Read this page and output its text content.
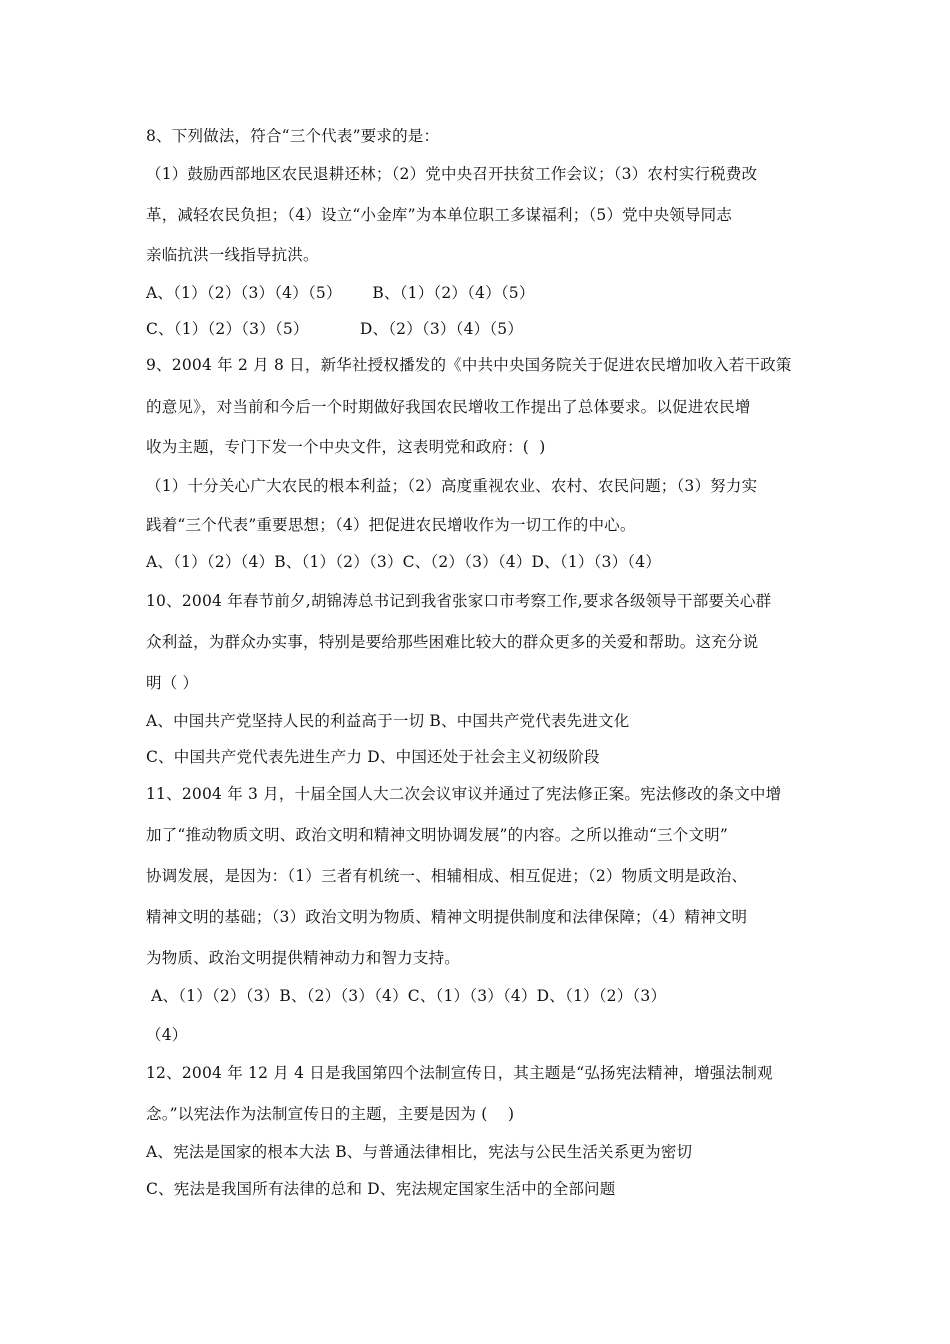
8、下列做法，符合“三个代表”要求的是：
（1）鼓励西部地区农民退耕还林；（2）党中央召开扶贫工作会议；（3）农村实行税费改
革，减轻农民负担；（4）设立“小金库”为本单位职工多谋福利；（5）党中央领导同志
亲临抗洪一线指导抗洪。
A、（1）（2）（3）（4）（5）      B、（1）（2）（4）（5）
C、（1）（2）（3）（5）          D、（2）（3）（4）（5）
9、2004 年 2 月 8 日，新华社授权播发的《中共中央国务院关于促进农民增加收入若干政策
的意见》，对当前和今后一个时期做好我国农民增收工作提出了总体要求。以促进农民增
收为主题，专门下发一个中央文件，这表明党和政府：(  )
（1）十分关心广大农民的根本利益；（2）高度重视农业、农村、农民问题；（3）努力实
践着“三个代表”重要思想；（4）把促进农民增收作为一切工作的中心。
A、（1）（2）（4）B、（1）（2）（3）C、（2）（3）（4）D、（1）（3）（4）
10、2004 年春节前夕,胡锦涛总书记到我省张家口市考察工作,要求各级领导干部要关心群
众利益，为群众办实事，特别是要给那些困难比较大的群众更多的关爱和帮助。这充分说
明（ ）
A、中国共产党坚持人民的利益高于一切 B、中国共产党代表先进文化
C、中国共产党代表先进生产力 D、中国还处于社会主义初级阶段
11、2004 年 3 月，十届全国人大二次会议审议并通过了宪法修正案。宪法修改的条文中增
加了“推动物质文明、政治文明和精神文明协调发展”的内容。之所以推动“三个文明”
协调发展，是因为：（1）三者有机统一、相辅相成、相互促进；（2）物质文明是政治、
精神文明的基础；（3）政治文明为物质、精神文明提供制度和法律保障；（4）精神文明
为物质、政治文明提供精神动力和智力支持。
A、（1）（2）（3）B、（2）（3）（4）C、（1）（3）（4）D、（1）（2）（3）
（4）
12、2004 年 12 月 4 日是我国第四个法制宣传日，其主题是“弘扬宪法精神，增强法制观
念。”以宪法作为法制宣传日的主题，主要是因为 (    )
A、宪法是国家的根本大法 B、与普通法律相比，宪法与公民生活关系更为密切
C、宪法是我国所有法律的总和 D、宪法规定国家生活中的全部问题
